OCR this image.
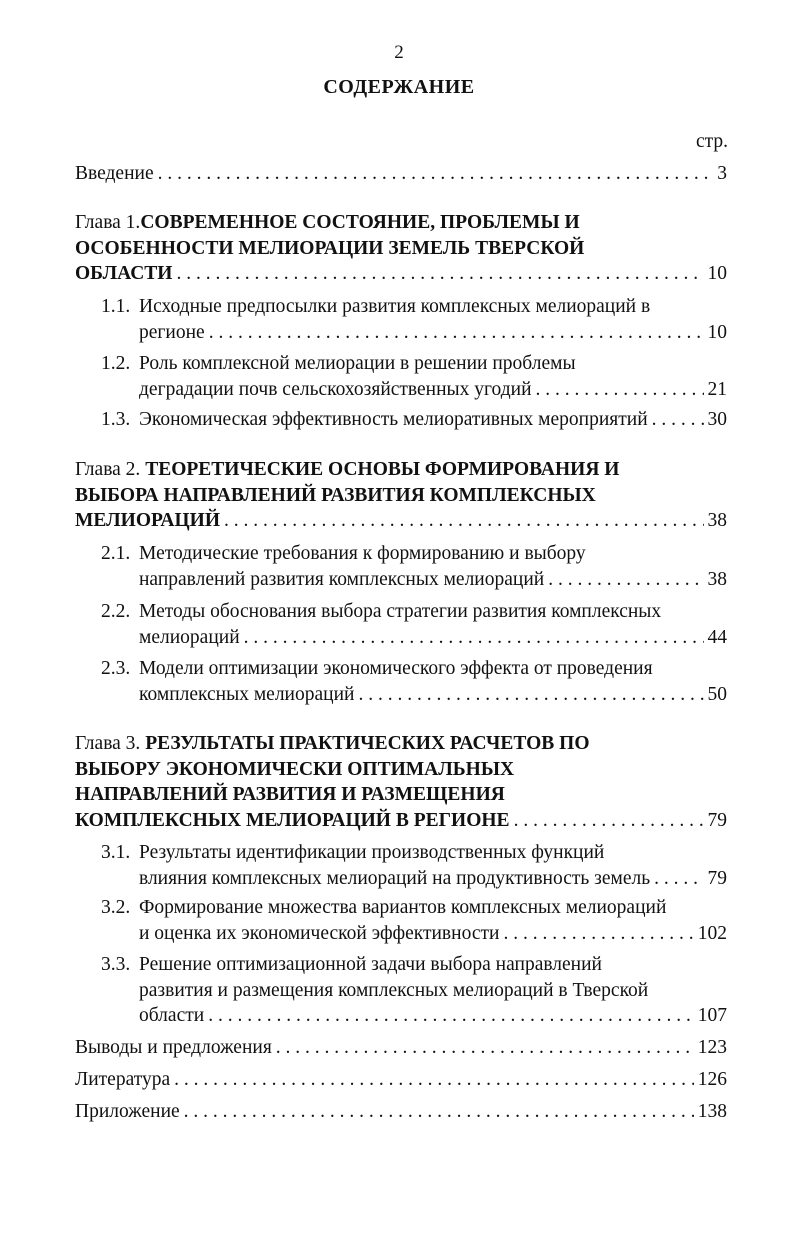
2
СОДЕРЖАНИЕ
стр.
Введение . . .	3
Глава 1. СОВРЕМЕННОЕ СОСТОЯНИЕ, ПРОБЛЕМЫ И
ОСОБЕННОСТИ МЕЛИОРАЦИИ ЗЕМЕЛЬ ТВЕРСКОЙ
ОБЛАСТИ . . .	10
1.1. Исходные предпосылки развития комплексных мелиораций в
регионе . . .	10
1.2. Роль комплексной мелиорации в решении проблемы
деградации почв сельскохозяйственных угодий . . .	21
1.3. Экономическая эффективность мелиоративных мероприятий . . .	30
Глава 2.
ТЕОРЕТИЧЕСКИЕ ОСНОВЫ ФОРМИРОВАНИЯ И
ВЫБОРА НАПРАВЛЕНИЙ РАЗВИТИЯ КОМПЛЕКСНЫХ
МЕЛИОРАЦИЙ . . .	38
2.1. Методические требования к формированию и выбору
направлений развития комплексных мелиораций . . .	38
2.2. Методы обоснования выбора стратегии развития комплексных
мелиораций . . .	44
2.3. Модели оптимизации экономического эффекта от проведения
комплексных мелиораций . . .	50
Глава 3.
РЕЗУЛЬТАТЫ ПРАКТИЧЕСКИХ РАСЧЕТОВ ПО
ВЫБОРУ ЭКОНОМИЧЕСКИ ОПТИМАЛЬНЫХ
НАПРАВЛЕНИЙ РАЗВИТИЯ И РАЗМЕЩЕНИЯ
КОМПЛЕКСНЫХ МЕЛИОРАЦИЙ В РЕГИОНЕ . . .	79
3.1. Результаты идентификации производственных функций
влияния комплексных мелиораций на продуктивность земель . . .	79
3.2. Формирование множества вариантов комплексных мелиораций
и оценка их экономической эффективности . . .	102
3.3. Решение оптимизационной задачи выбора направлений
развития и размещения комплексных мелиораций в Тверской
области . . .	107
Выводы и предложения . . .	123
Литература . . .	126
Приложение . . .	138
